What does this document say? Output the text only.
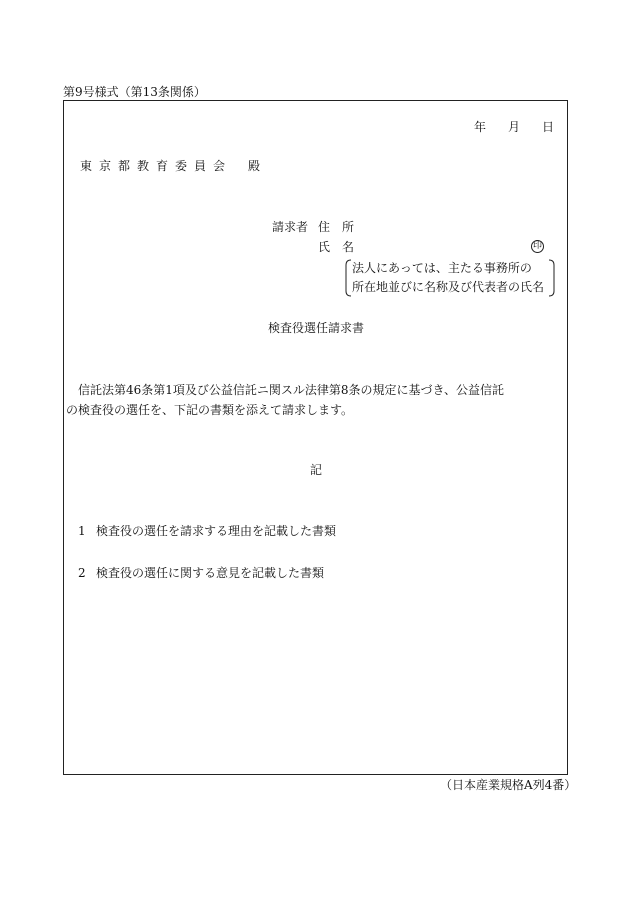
第9号様式（第13条関係）
年 月 日
東京都教育委員会 殿
請求者 住　所
氏　名	印
法人にあっては、主たる事務所の
所在地並びに名称及び代表者の氏名
検査役選任請求書
　信託法第46条第1項及び公益信託ニ関スル法律第8条の規定に基づき、公益信託
の検査役の選任を、下記の書類を添えて請求します。
記
1 検査役の選任を請求する理由を記載した書類
2 検査役の選任に関する意見を記載した書類
（日本産業規格A列4番）
